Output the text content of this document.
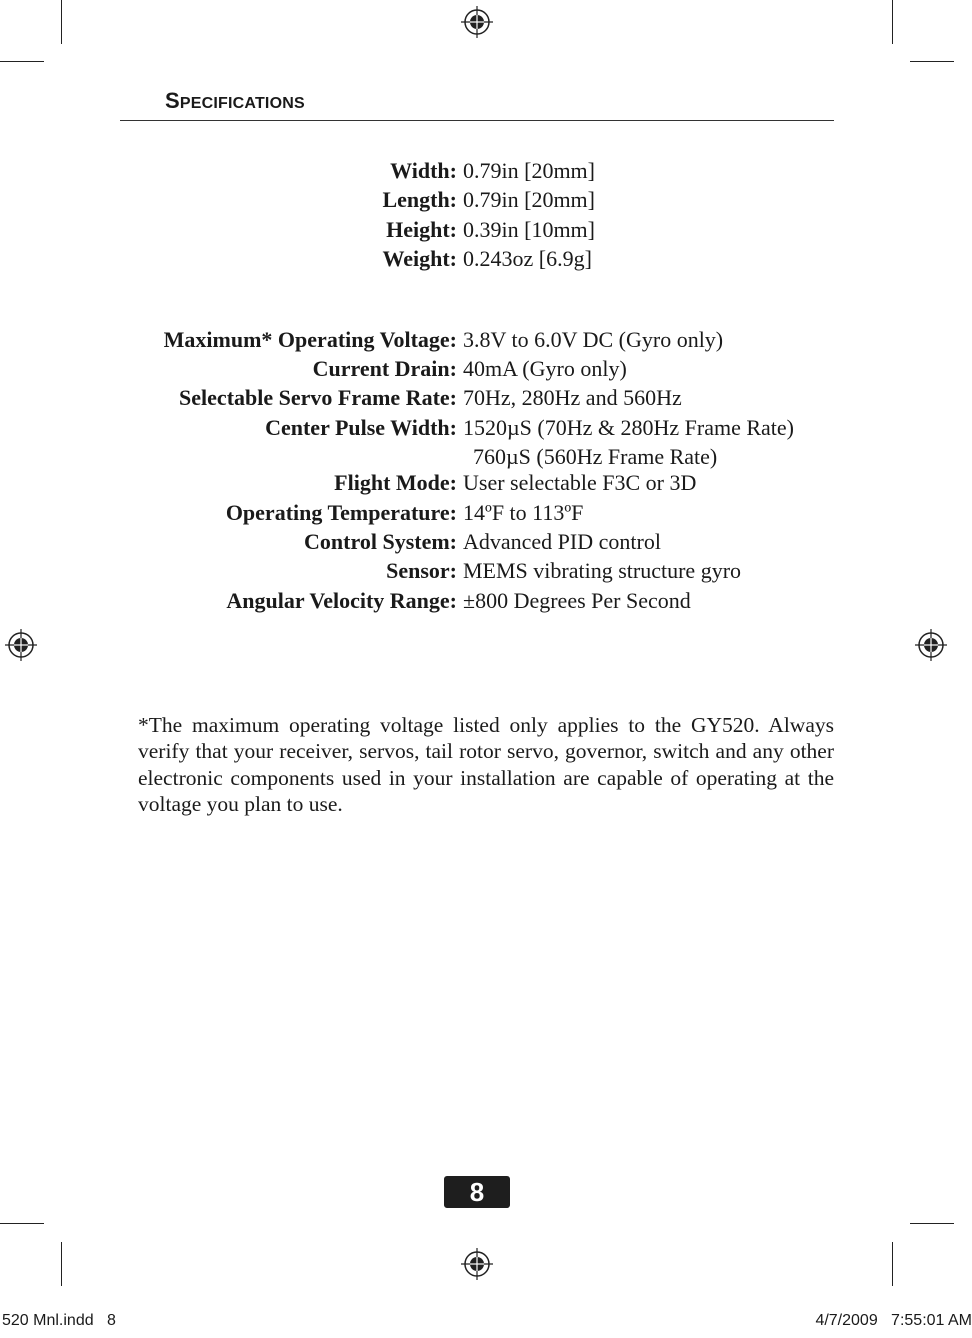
SPECIFICATIONS
Width: 0.79in [20mm]
Length: 0.79in [20mm]
Height: 0.39in [10mm]
Weight: 0.243oz [6.9g]
Maximum* Operating Voltage: 3.8V to 6.0V DC (Gyro only)
Current Drain: 40mA (Gyro only)
Selectable Servo Frame Rate: 70Hz, 280Hz and 560Hz
Center Pulse Width: 1520µS (70Hz & 280Hz Frame Rate)
760µS (560Hz Frame Rate)
Flight Mode: User selectable F3C or 3D
Operating Temperature: 14ºF to 113ºF
Control System: Advanced PID control
Sensor: MEMS vibrating structure gyro
Angular Velocity Range: ±800 Degrees Per Second

*The maximum operating voltage listed only applies to the GY520. Always verify that your receiver, servos, tail rotor servo, governor, switch and any other electronic components used in your installation are capable of operating at the voltage you plan to use.

8
520 Mnl.indd   8	4/7/2009   7:55:01 AM
